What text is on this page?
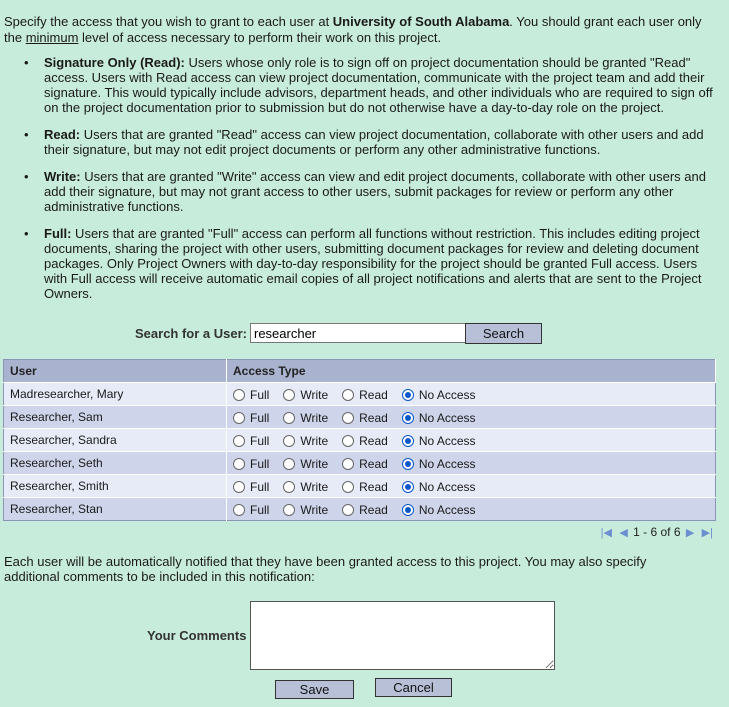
Specify the access that you wish to grant to each user at University of South Alabama. You should grant each user only the minimum level of access necessary to perform their work on this project.
• Signature Only (Read): Users whose only role is to sign off on project documentation should be granted "Read" access. Users with Read access can view project documentation, communicate with the project team and add their signature. This would typically include advisors, department heads, and other individuals who are required to sign off on the project documentation prior to submission but do not otherwise have a day-to-day role on the project.
• Read: Users that are granted "Read" access can view project documentation, collaborate with other users and add their signature, but may not edit project documents or perform any other administrative functions.
• Write: Users that are granted "Write" access can view and edit project documents, collaborate with other users and add their signature, but may not grant access to other users, submit packages for review or perform any other administrative functions.
• Full: Users that are granted "Full" access can perform all functions without restriction. This includes editing project documents, sharing the project with other users, submitting document packages for review and deleting document packages. Only Project Owners with day-to-day responsibility for the project should be granted Full access. Users with Full access will receive automatic email copies of all project notifications and alerts that are sent to the Project Owners.
Search for a User:
researcher	Search
User	Access Type
Madresearcher, Mary	Full Write Read No Access
Researcher, Sam	Full Write Read No Access
Researcher, Sandra	Full Write Read No Access
Researcher, Seth	Full Write Read No Access
Researcher, Smith	Full Write Read No Access
Researcher, Stan	Full Write Read No Access
|◀ ◀ 1 - 6 of 6 ▶ ▶|
Each user will be automatically notified that they have been granted access to this project. You may also specify additional comments to be included in this notification:
Your Comments
Save	Cancel
